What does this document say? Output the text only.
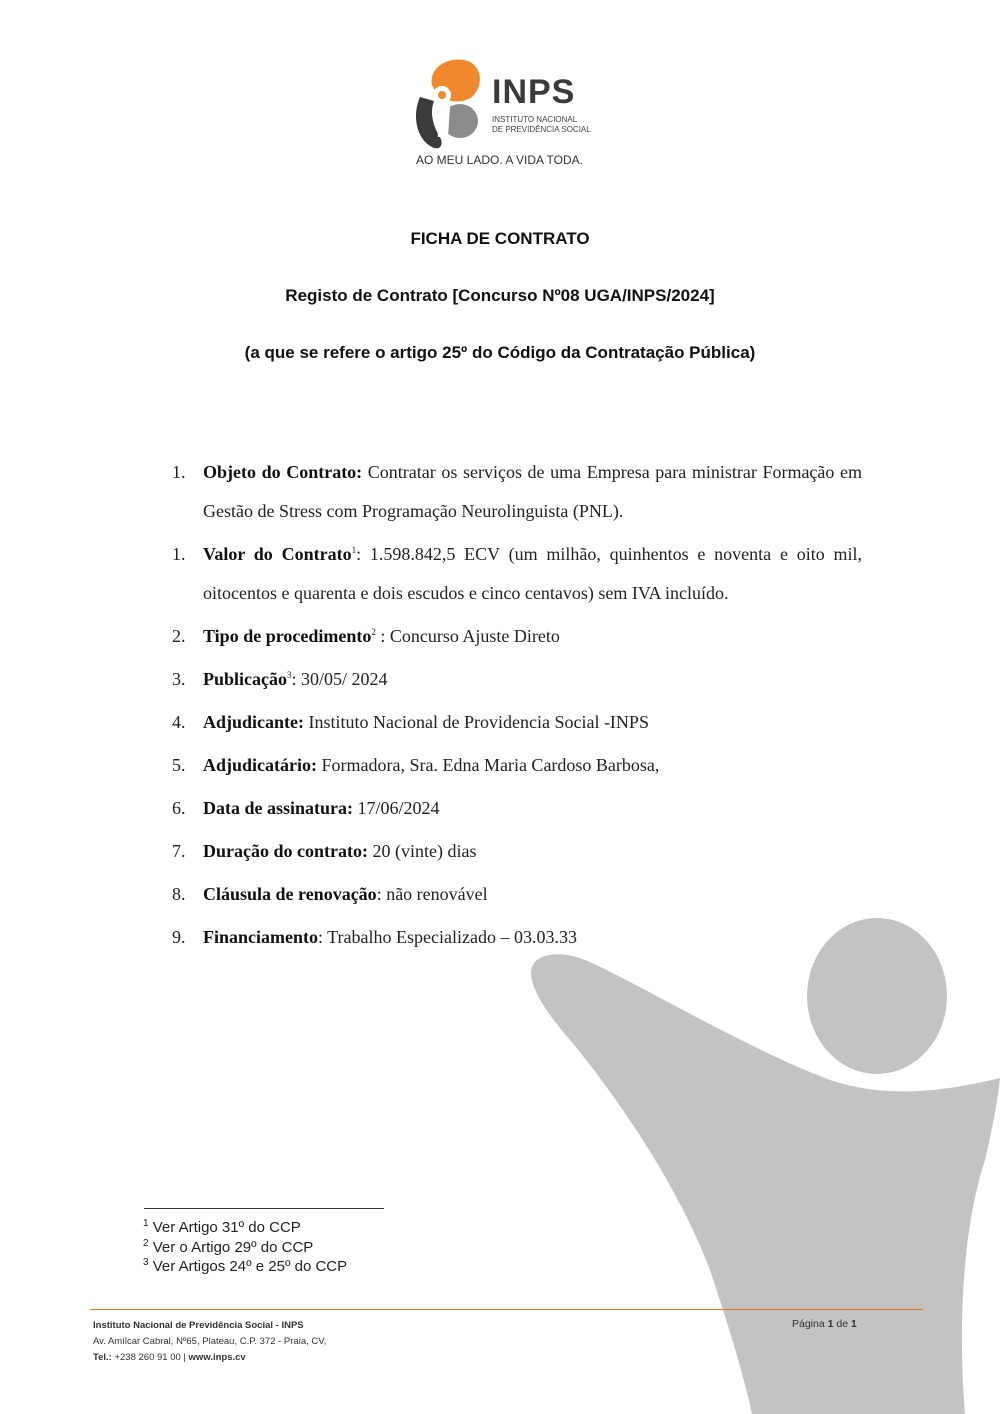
INPS
INSTITUTO NACIONAL
DE PREVIDÊNCIA SOCIAL
AO MEU LADO. A VIDA TODA.
FICHA DE CONTRATO
Registo de Contrato [Concurso Nº08 UGA/INPS/2024]
(a que se refere o artigo 25º do Código da Contratação Pública)
1. Objeto do Contrato: Contratar os serviços de uma Empresa para ministrar Formação em Gestão de Stress com Programação Neurolinguista (PNL).
1. Valor do Contrato$^1$: 1.598.842,5 ECV (um milhão, quinhentos e noventa e oito mil, oitocentos e quarenta e dois escudos e cinco centavos) sem IVA incluído.
2. Tipo de procedimento$^2$ : Concurso Ajuste Direto
3. Publicação$^3$: 30/05/ 2024
4. Adjudicante: Instituto Nacional de Providencia Social -INPS
5. Adjudicatário: Formadora, Sra. Edna Maria Cardoso Barbosa,
6. Data de assinatura: 17/06/2024
7. Duração do contrato: 20 (vinte) dias
8. Cláusula de renovação: não renovável
9. Financiamento: Trabalho Especializado – 03.03.33
$^1$ Ver Artigo 31º do CCP
$^2$ Ver o Artigo 29º do CCP
$^3$ Ver Artigos 24º e 25º do CCP
Instituto Nacional de Previdência Social - INPS
Av. Amílcar Cabral, Nº65, Plateau, C.P. 372 - Praia, CV,
Tel.: +238 260 91 00 | www.inps.cv
Página 1 de 1
